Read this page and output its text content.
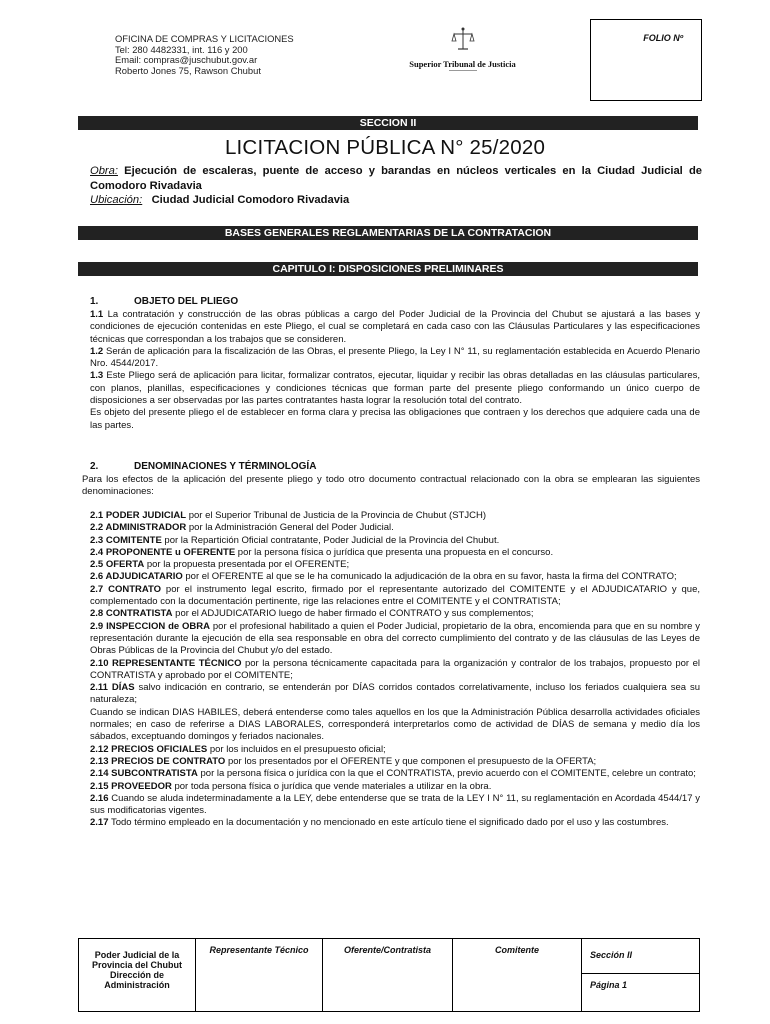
OFICINA DE COMPRAS Y LICITACIONES
Tel: 280 4482331, int. 116 y 200
Email: compras@juschubut.gov.ar
Roberto Jones 75, Rawson Chubut
Superior Tribunal de Justicia
FOLIO Nº
SECCION II
LICITACION PÚBLICA N° 25/2020
Obra: Ejecución de escaleras, puente de acceso y barandas en núcleos verticales en la Ciudad Judicial de Comodoro Rivadavia
Ubicación: Ciudad Judicial Comodoro Rivadavia
BASES GENERALES REGLAMENTARIAS DE LA CONTRATACION
CAPITULO I: DISPOSICIONES PRELIMINARES
1.	OBJETO DEL PLIEGO

1.1 La contratación y construcción de las obras públicas a cargo del Poder Judicial de la Provincia del Chubut se ajustará a las bases y condiciones de ejecución contenidas en este Pliego, el cual se completará en cada caso con las Cláusulas Particulares y las especificaciones técnicas que correspondan a los trabajos que se consideren.

1.2 Serán de aplicación para la fiscalización de las Obras, el presente Pliego, la Ley I N° 11, su reglamentación establecida en Acuerdo Plenario Nro. 4544/2017.

1.3 Este Pliego será de aplicación para licitar, formalizar contratos, ejecutar, liquidar y recibir las obras detalladas en las cláusulas particulares, con planos, planillas, especificaciones y condiciones técnicas que forman parte del presente pliego conformando un único cuerpo de disposiciones a ser observadas por las partes contratantes hasta lograr la resolución total del contrato.

Es objeto del presente pliego el de establecer en forma clara y precisa las obligaciones que contraen y los derechos que adquiere cada una de las partes.

2.	DENOMINACIONES Y TÉRMINOLOGÍA

Para los efectos de la aplicación del presente pliego y todo otro documento contractual relacionado con la obra se emplearan las siguientes denominaciones:

2.1 PODER JUDICIAL por el Superior Tribunal de Justicia de la Provincia de Chubut (STJCH)

2.2 ADMINISTRADOR por la Administración General del Poder Judicial.

2.3 COMITENTE por la Repartición Oficial contratante, Poder Judicial de la Provincia del Chubut.

2.4 PROPONENTE u OFERENTE por la persona física o jurídica que presenta una propuesta en el concurso.

2.5 OFERTA por la propuesta presentada por el OFERENTE;

2.6 ADJUDICATARIO por el OFERENTE al que se le ha comunicado la adjudicación de la obra en su favor, hasta la firma del CONTRATO;

2.7 CONTRATO por el instrumento legal escrito, firmado por el representante autorizado del COMITENTE y el ADJUDICATARIO y que, complementado con la documentación pertinente, rige las relaciones entre el COMITENTE y el CONTRATISTA;

2.8 CONTRATISTA por el ADJUDICATARIO luego de haber firmado el CONTRATO y sus complementos;

2.9 INSPECCION de OBRA por el profesional habilitado a quien el Poder Judicial, propietario de la obra, encomienda para que en su nombre y representación durante la ejecución de ella sea responsable en obra del correcto cumplimiento del contrato y de las cláusulas de las Leyes de Obras Públicas de la Provincia del Chubut y/o del estado.

2.10 REPRESENTANTE TÉCNICO por la persona técnicamente capacitada para la organización y contralor de los trabajos, propuesto por el CONTRATISTA y aprobado por el COMITENTE;

2.11 DÍAS salvo indicación en contrario, se entenderán por DÍAS corridos contados correlativamente, incluso los feriados cualquiera sea su naturaleza;

Cuando se indican DIAS HABILES, deberá entenderse como tales aquellos en los que la Administración Pública desarrolla actividades oficiales normales; en caso de referirse a DIAS LABORALES, corresponderá interpretarlos como de actividad de DÍAS de semana y medio día los sábados, exceptuando domingos y feriados nacionales.

2.12 PRECIOS OFICIALES por los incluidos en el presupuesto oficial;

2.13 PRECIOS DE CONTRATO por los presentados por el OFERENTE y que componen el presupuesto de la OFERTA;

2.14 SUBCONTRATISTA por la persona física o jurídica con la que el CONTRATISTA, previo acuerdo con el COMITENTE, celebre un contrato;

2.15 PROVEEDOR por toda persona física o jurídica que vende materiales a utilizar en la obra.

2.16 Cuando se aluda indeterminadamente a la LEY, debe entenderse que se trata de la LEY I N° 11, su reglamentación en Acordada 4544/17 y sus modificatorias vigentes.

2.17 Todo término empleado en la documentación y no mencionado en este artículo tiene el significado dado por el uso y las costumbres.

Poder Judicial de la Provincia del Chubut Dirección de Administración
Representante Técnico	Oferente/Contratista	Comitente	Sección II
Página 1
